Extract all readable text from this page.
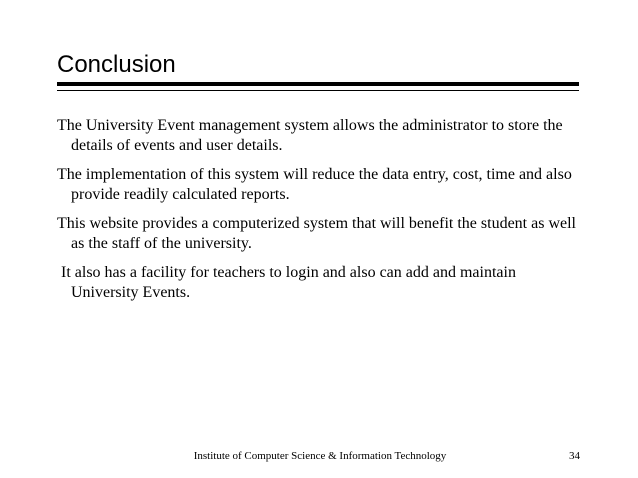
Conclusion
The University Event management system allows the administrator to store the details of events and user details.
The implementation of this system will reduce the data entry, cost, time and also provide readily calculated reports.
This website provides a computerized system that will benefit the student as well as the staff of the university.
It also has a facility for teachers to login and also can add and maintain University Events.
Institute of Computer Science & Information Technology	34
